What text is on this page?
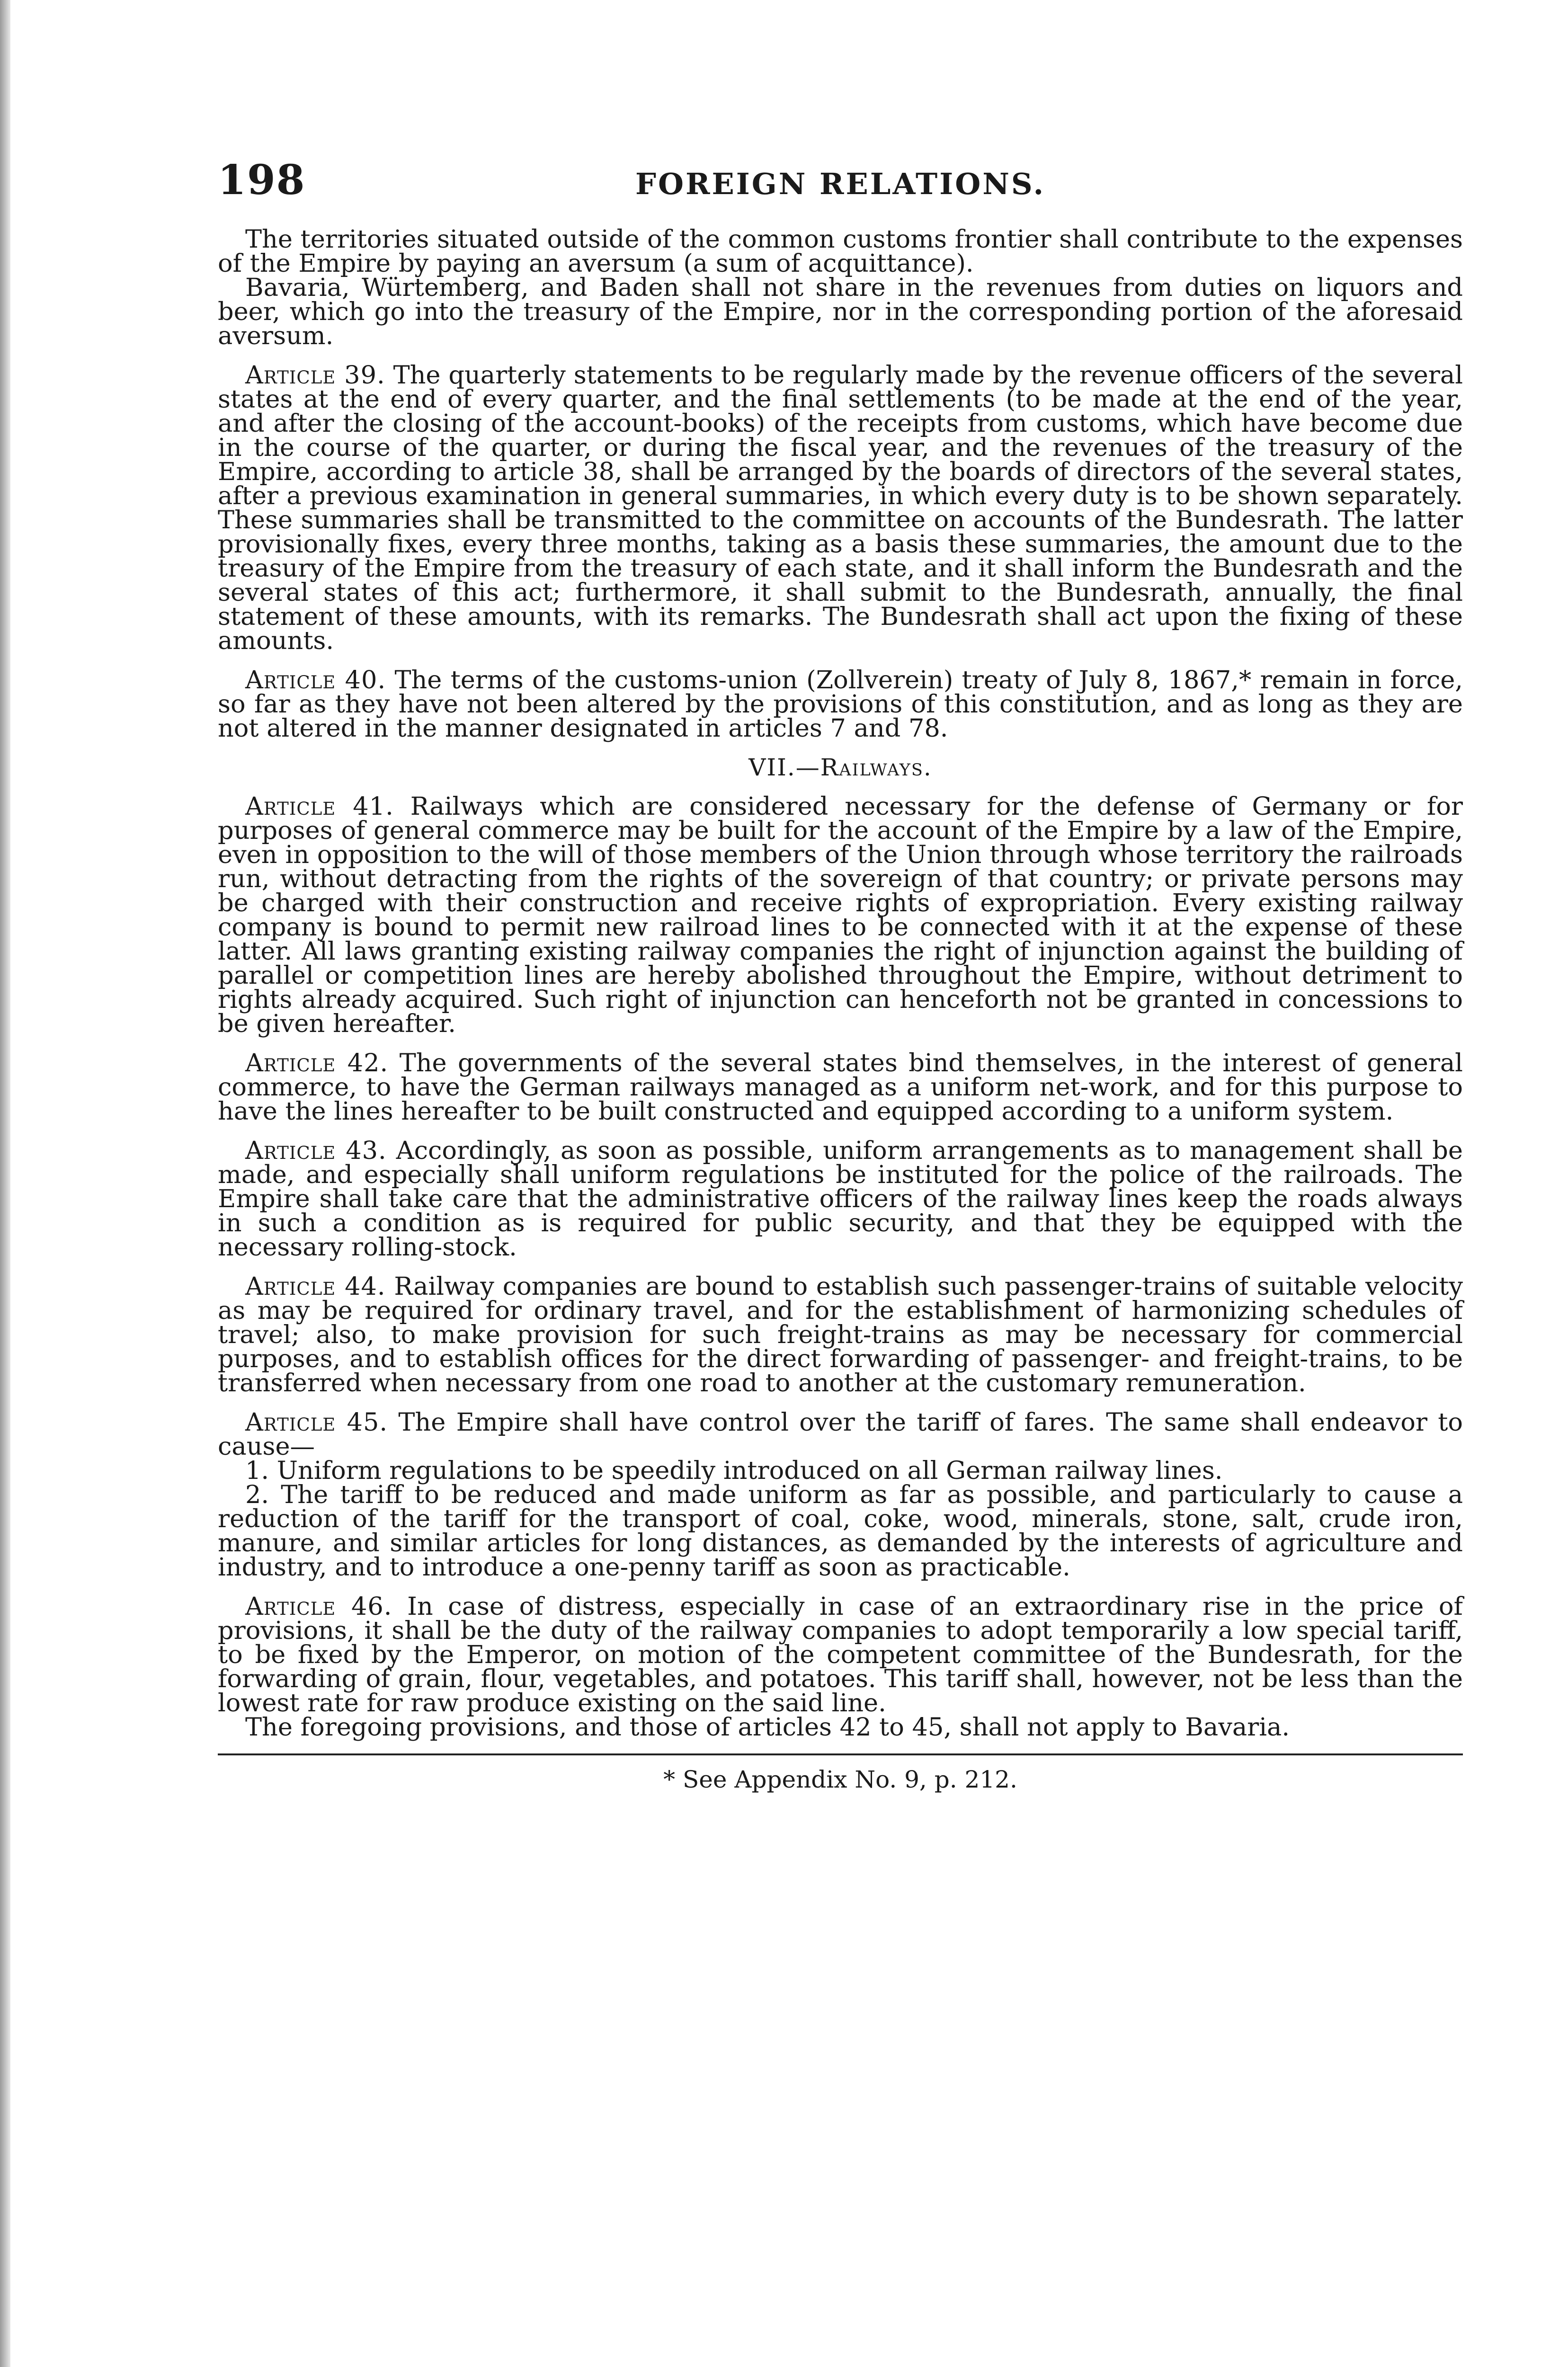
198	FOREIGN RELATIONS.

The territories situated outside of the common customs frontier shall contribute to the expenses of the Empire by paying an aversum (a sum of acquittance).

Bavaria, Würtemberg, and Baden shall not share in the revenues from duties on liquors and beer, which go into the treasury of the Empire, nor in the corresponding portion of the aforesaid aversum.

Article 39. The quarterly statements to be regularly made by the revenue officers of the several states at the end of every quarter, and the final settlements (to be made at the end of the year, and after the closing of the account-books) of the receipts from customs, which have become due in the course of the quarter, or during the fiscal year, and the revenues of the treasury of the Empire, according to article 38, shall be arranged by the boards of directors of the several states, after a previous examination in general summaries, in which every duty is to be shown separately. These summaries shall be transmitted to the committee on accounts of the Bundesrath. The latter provisionally fixes, every three months, taking as a basis these summaries, the amount due to the treasury of the Empire from the treasury of each state, and it shall inform the Bundesrath and the several states of this act; furthermore, it shall submit to the Bundesrath, annually, the final statement of these amounts, with its remarks. The Bundesrath shall act upon the fixing of these amounts.

Article 40. The terms of the customs-union (Zollverein) treaty of July 8, 1867,* remain in force, so far as they have not been altered by the provisions of this constitution, and as long as they are not altered in the manner designated in articles 7 and 78.

VII.—Railways.

Article 41. Railways which are considered necessary for the defense of Germany or for purposes of general commerce may be built for the account of the Empire by a law of the Empire, even in opposition to the will of those members of the Union through whose territory the railroads run, without detracting from the rights of the sovereign of that country; or private persons may be charged with their construction and receive rights of expropriation. Every existing railway company is bound to permit new railroad lines to be connected with it at the expense of these latter. All laws granting existing railway companies the right of injunction against the building of parallel or competition lines are hereby abolished throughout the Empire, without detriment to rights already acquired. Such right of injunction can henceforth not be granted in concessions to be given hereafter.

Article 42. The governments of the several states bind themselves, in the interest of general commerce, to have the German railways managed as a uniform net-work, and for this purpose to have the lines hereafter to be built constructed and equipped according to a uniform system.

Article 43. Accordingly, as soon as possible, uniform arrangements as to management shall be made, and especially shall uniform regulations be instituted for the police of the railroads. The Empire shall take care that the administrative officers of the railway lines keep the roads always in such a condition as is required for public security, and that they be equipped with the necessary rolling-stock.

Article 44. Railway companies are bound to establish such passenger-trains of suitable velocity as may be required for ordinary travel, and for the establishment of harmonizing schedules of travel; also, to make provision for such freight-trains as may be necessary for commercial purposes, and to establish offices for the direct forwarding of passenger- and freight-trains, to be transferred when necessary from one road to another at the customary remuneration.

Article 45. The Empire shall have control over the tariff of fares. The same shall endeavor to cause—

1. Uniform regulations to be speedily introduced on all German railway lines.

2. The tariff to be reduced and made uniform as far as possible, and particularly to cause a reduction of the tariff for the transport of coal, coke, wood, minerals, stone, salt, crude iron, manure, and similar articles for long distances, as demanded by the interests of agriculture and industry, and to introduce a one-penny tariff as soon as practicable.

Article 46. In case of distress, especially in case of an extraordinary rise in the price of provisions, it shall be the duty of the railway companies to adopt temporarily a low special tariff, to be fixed by the Emperor, on motion of the competent committee of the Bundesrath, for the forwarding of grain, flour, vegetables, and potatoes. This tariff shall, however, not be less than the lowest rate for raw produce existing on the said line.

The foregoing provisions, and those of articles 42 to 45, shall not apply to Bavaria.

* See Appendix No. 9, p. 212.
